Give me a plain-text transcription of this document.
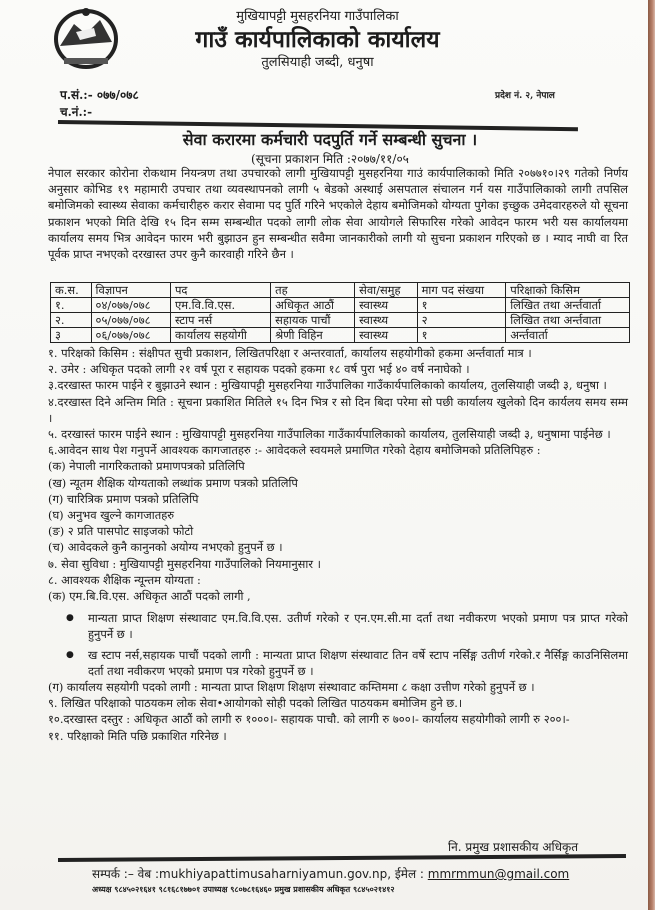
मुखियापट्टी मुसहरनिया गाउँपालिका
गाउँ कार्यपालिकाको कार्यालय
तुलसियाही जब्दी, धनुषा
प.सं.:- ०७७/०७८
च.नं.:-
प्रदेश नं. २, नेपाल
सेवा करारमा कर्मचारी पदपुर्ति गर्ने सम्बन्धी सुचना ।
(सूचना प्रकाशन मिति :२०७७/११/०५
नेपाल सरकार कोरोना रोकथाम नियन्त्रण तथा उपचारको लागी मुखियापट्टी मुसहरनिया गाउं कार्यपालिकाको मिति २०७७१०।२९ गतेको निर्णय अनुसार कोभिड १९ महामारी उपचार तथा व्यवस्थापनको लागी ५ बेडको अस्थाई असपताल संचालन गर्न यस गाउँपालिकाको लागी तपसिल बमोजिमको स्वास्थ्य सेवाका कर्मचारीहरु करार सेवामा पद पुर्ति गरिने भएकोले देहाय बमोजिमको योग्यता पुगेका इच्छुक उमेदवारहरुले यो सूचना प्रकाशन भएको मिति देखि १५ दिन सम्म सम्बन्धीत पदको लागी लोक सेवा आयोगले सिफारिस गरेको आवेदन फारम भरी यस कार्यालयमा कार्यालय समय भित्र आवेदन फारम भरी बुझाउन हुन सम्बन्धीत सवैमा जानकारीको लागी यो सुचना प्रकाशन गरिएको छ । म्याद नाघी वा रित पूर्वक प्राप्त नभएको दरखास्त उपर कुनै कारवाही गरिने छैन ।
क.स.	विज्ञापन	पद	तह	सेवा/समुह	माग पद संखया	परिक्षाको किसिम
१.	०४/०७७/०७८	एम.वि.वि.एस.	अधिकृत आठौं	स्वास्थ्य	१	लिखित तथा अर्न्तवार्ता
२.	०५/०७७/०७८	स्टाप नर्स	सहायक पाचौं	स्वास्थ्य	२	लिखित तथा अर्न्तवाता
३	०६/०७७/०७८	कार्यालय सहयोगी	श्रेणी विहिन	स्वास्थ्य	१	अर्न्तवार्ता

१. परिक्षको किसिम : संक्षीपत सुची प्रकाशन, लिखितपरिक्षा र अन्तरवार्ता, कार्यालय सहयोगीको हकमा अर्न्तवार्ता मात्र ।

२. उमेर : अधिकृत पदको लागी २१ वर्ष पूरा र सहायक पदको हकमा १८ वर्ष पुरा भई ४० वर्ष ननाघेको ।

३.दरखास्त फारम पाईने र बुझाउने स्थान : मुखियापट्टी मुसहरनिया गाउँपालिका गाउँकार्यपालिकाको कार्यालय, तुलसियाही जब्दी ३, धनुषा ।

४.दरखास्त दिने अन्तिम मिति : सूचना प्रकाशित मितिले १५ दिन भित्र र सो दिन बिदा परेमा सो पछी कार्यालय खुलेको दिन कार्यलय समय सम्म ।

५. दरखास्तं फारम पाईने स्थान : मुखियापट्टी मुसहरनिया गाउँपालिका गाउँकार्यपालिकाको कार्यालय, तुलसियाही जब्दी ३, धनुषामा पाईनेछ ।

६.आवेदन साथ पेश गनुपर्ने आवश्यक कागजातहरु :- आवेदकले स्वयमले प्रमाणित गरेको देहाय बमोजिमको प्रतिलिपिहरु :

(क) नेपाली नागरिकताको प्रमाणपत्रको प्रतिलिपि

(ख) न्यूतम शैक्षिक योग्यताको लब्धांक प्रमाण पत्रको प्रतिलिपि

(ग) चारित्रिक प्रमाण पत्रको प्रतिलिपि

(घ) अनुभव खुल्ने कागजातहरु

(ङ) २ प्रति पासपोट साइजको फोटो

(च) आवेदकले कुनै कानुनको अयोग्य नभएको हुनुपर्ने छ ।

७. सेवा सुविधा : मुखियापट्टी मुसहरनिया गाउँपालिको नियमानुसार ।

८. आवश्यक शैक्षिक न्यून्तम योग्यता :

(क) एम.बि.वि.एस. अधिकृत आठौं पदको लागी ,

● मान्यता प्राप्त शिक्षण संस्थावाट एम.वि.वि.एस. उतीर्ण गरेको र एन.एम.सी.मा दर्ता तथा नवीकरण भएको प्रमाण पत्र प्राप्त गरेको हुनुपर्ने छ ।

● ख स्टाप नर्स,सहायक पाचौं पदको लागी : मान्यता प्राप्त शिक्षण संस्थावाट तिन वर्षे स्टाप नर्सिङ्ग उतीर्ण गरेको.र नैर्सिङ्ग काउनिसिलमा दर्ता तथा नवीकरण भएको प्रमाण पत्र गरेको हुनुपर्ने छ ।

(ग) कार्यालय सहयोगी पदको लागी : मान्यता प्राप्त शिक्षण शिक्षण संस्थावाट कम्तिममा ८ कक्षा उत्तीण गरेको हुनुपर्ने छ ।

९. लिखित परिक्षाको पाठयकम लोक सेवा•आयोगको सोही पदको लिखित पाठयकम बमोजिम हुने छ.।

१०.दरखास्त दस्तुर : अधिकृत आठौं को लागी रु १०००।- सहायक पाचौ. को लागी रु ७००।- कार्यालय सहयोगीको लागी रु २००।-

११. परिक्षाको मिति पछि प्रकाशित गरिनेछ ।

नि. प्रमुख प्रशासकीय अधिकृत
सम्पर्क :– वेब :mukhiyapattimusaharniyamun.gov.np, ईमेल : mmrmmun@gmail.com
अध्यक्ष ९८४५०२१६४१ ९८१६८१७७०१ उपाध्यक्ष ९८०७८१६४६० प्रमुख प्रशासकीय अधिकृत ९८४५०२१४१२
